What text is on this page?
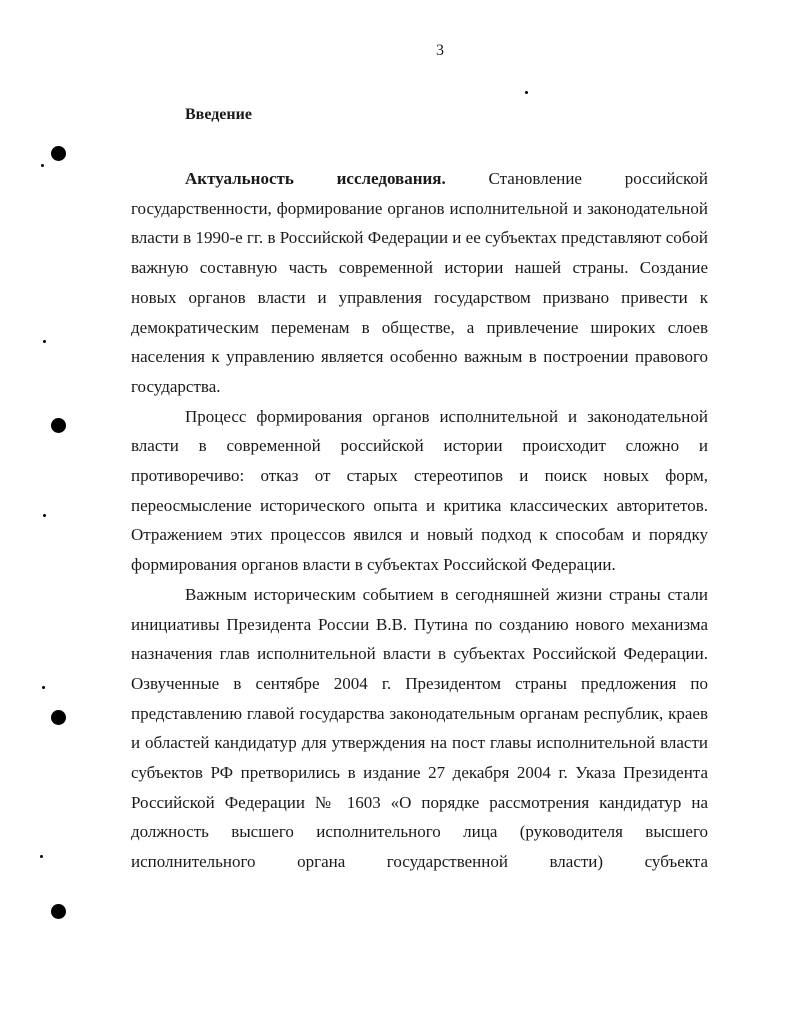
3
Введение

Актуальность исследования. Становление российской государственности, формирование органов исполнительной и законодательной власти в 1990-е гг. в Российской Федерации и ее субъектах представляют собой важную составную часть современной истории нашей страны. Создание новых органов власти и управления государством призвано привести к демократическим переменам в обществе, а привлечение широких слоев населения к управлению является особенно важным в построении правового государства.

Процесс формирования органов исполнительной и законодательной власти в современной российской истории происходит сложно и противоречиво: отказ от старых стереотипов и поиск новых форм, переосмысление исторического опыта и критика классических авторитетов. Отражением этих процессов явился и новый подход к способам и порядку формирования органов власти в субъектах Российской Федерации.

Важным историческим событием в сегодняшней жизни страны стали инициативы Президента России В.В. Путина по созданию нового механизма назначения глав исполнительной власти в субъектах Российской Федерации. Озвученные в сентябре 2004 г. Президентом страны предложения по представлению главой государства законодательным органам республик, краев и областей кандидатур для утверждения на пост главы исполнительной власти субъектов РФ претворились в издание 27 декабря 2004 г. Указа Президента Российской Федерации № 1603 «О порядке рассмотрения кандидатур на должность высшего исполнительного лица (руководителя высшего исполнительного органа государственной власти) субъекта
